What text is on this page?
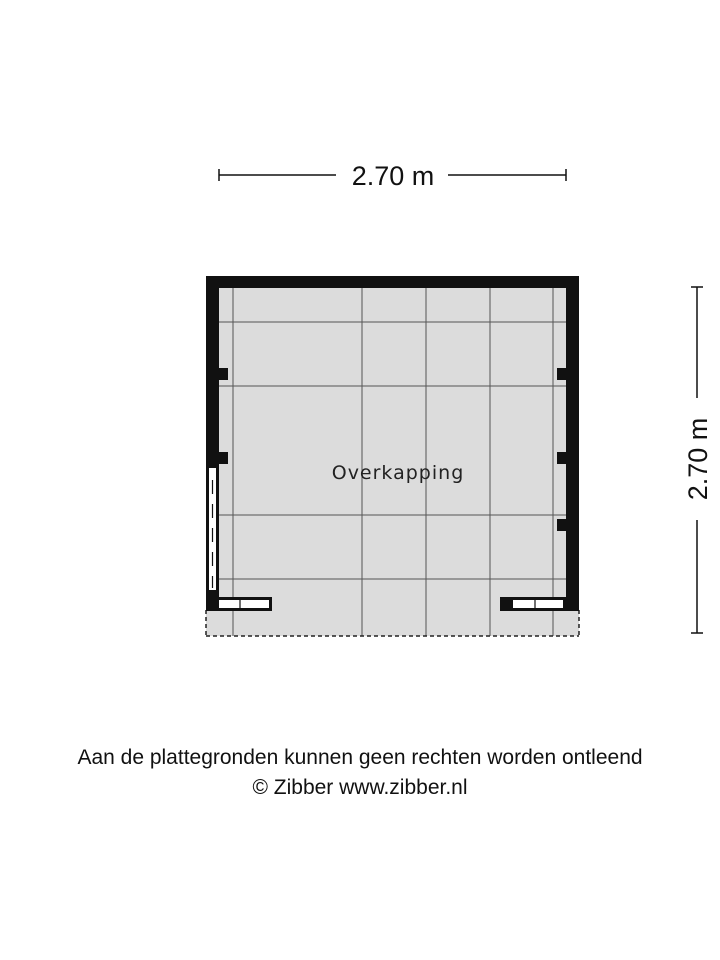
2.70 m
2.70 m
Overkapping
Aan de plattegronden kunnen geen rechten worden ontleend
© Zibber www.zibber.nl
